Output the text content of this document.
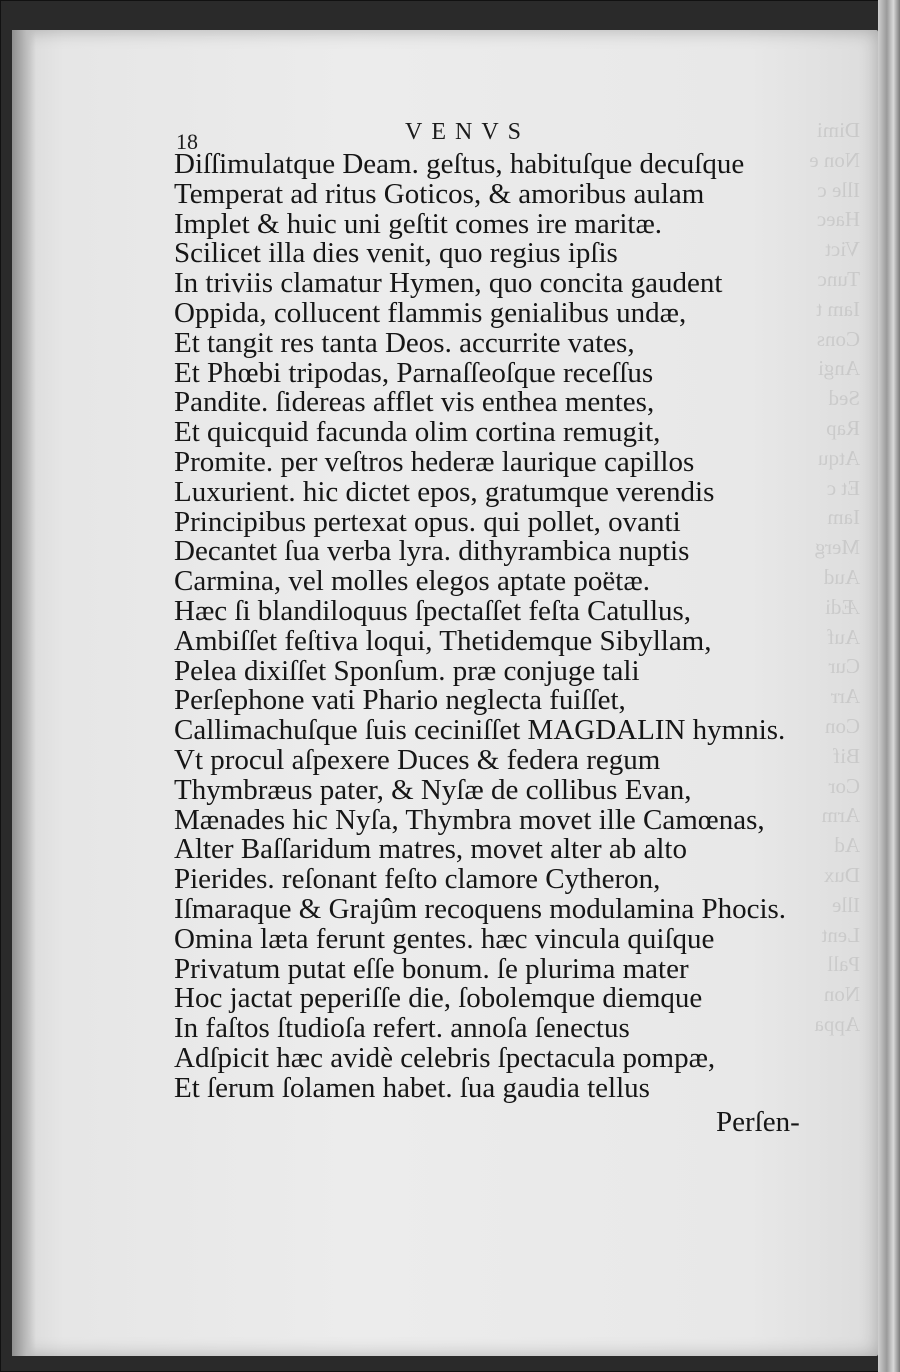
18	VENVS
Diſſimulatque Deam. geſtus, habituſque decuſque
Temperat ad ritus Goticos, & amoribus aulam
Implet & huic uni geſtit comes ire maritæ.
Scilicet illa dies venit, quo regius ipſis
In triviis clamatur Hymen, quo concita gaudent
Oppida, collucent flammis genialibus undæ,
Et tangit res tanta Deos. accurrite vates,
Et Phœbi tripodas, Parnaſſeoſque receſſus
Pandite. ſidereas afflet vis enthea mentes,
Et quicquid facunda olim cortina remugit,
Promite. per veſtros hederæ laurique capillos
Luxurient. hic dictet epos, gratumque verendis
Principibus pertexat opus. qui pollet, ovanti
Decantet ſua verba lyra. dithyrambica nuptis
Carmina, vel molles elegos aptate poëtæ.
Hæc ſi blandiloquus ſpectaſſet feſta Catullus,
Ambiſſet feſtiva loqui, Thetidemque Sibyllam,
Pelea dixiſſet Sponſum. præ conjuge tali
Perſephone vati Phario neglecta fuiſſet,
Callimachuſque ſuis ceciniſſet MAGDALIN hymnis.
Vt procul aſpexere Duces & federa regum
Thymbræus pater, & Nyſæ de collibus Evan,
Mænades hic Nyſa, Thymbra movet ille Camœnas,
Alter Baſſaridum matres, movet alter ab alto
Pierides. reſonant feſto clamore Cytheron,
Iſmaraque & Grajûm recoquens modulamina Phocis.
Omina læta ferunt gentes. hæc vincula quiſque
Privatum putat eſſe bonum. ſe plurima mater
Hoc jactat peperiſſe die, ſobolemque diemque
In faſtos ſtudioſa refert. annoſa ſenectus
Adſpicit hæc avidè celebris ſpectacula pompæ,
Et ſerum ſolamen habet. ſua gaudia tellus
Perſen-
